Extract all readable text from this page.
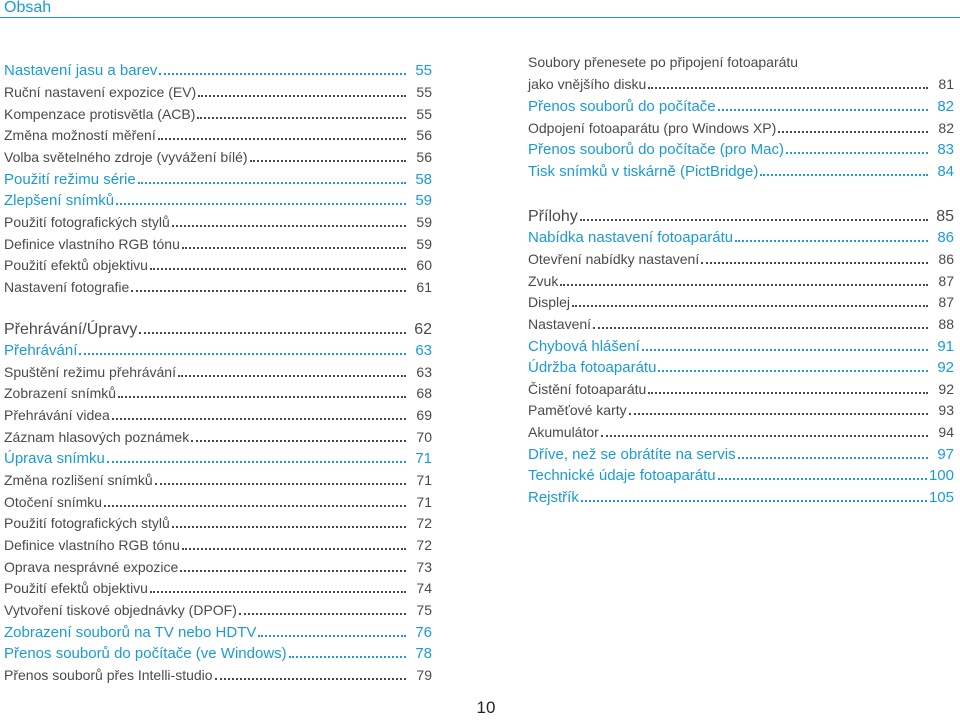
Obsah
Nastavení jasu a barev	55
Ruční nastavení expozice (EV)	55
Kompenzace protisvětla (ACB)	55
Změna možností měření	56
Volba světelného zdroje (vyvážení bílé)	56
Použití režimu série	58
Zlepšení snímků	59
Použití fotografických stylů	59
Definice vlastního RGB tónu	59
Použití efektů objektivu	60
Nastavení fotografie	61
Přehrávání/Úpravy	62
Přehrávání	63
Spuštění režimu přehrávání	63
Zobrazení snímků	68
Přehrávání videa	69
Záznam hlasových poznámek	70
Úprava snímku	71
Změna rozlišení snímků	71
Otočení snímku	71
Použití fotografických stylů	72
Definice vlastního RGB tónu	72
Oprava nesprávné expozice	73
Použití efektů objektivu	74
Vytvoření tiskové objednávky (DPOF)	75
Zobrazení souborů na TV nebo HDTV	76
Přenos souborů do počítače (ve Windows)	78
Přenos souborů přes Intelli-studio	79
Soubory přenesete po připojení fotoaparátu
jako vnějšího disku	81
Přenos souborů do počítače	82
Odpojení fotoaparátu (pro Windows XP)	82
Přenos souborů do počítače (pro Mac)	83
Tisk snímků v tiskárně (PictBridge)	84
Přílohy	85
Nabídka nastavení fotoaparátu	86
Otevření nabídky nastavení	86
Zvuk	87
Displej	87
Nastavení	88
Chybová hlášení	91
Údržba fotoaparátu	92
Čistění fotoaparátu	92
Paměťové karty	93
Akumulátor	94
Dříve, než se obrátíte na servis	97
Technické údaje fotoaparátu	100
Rejstřík	105
10
